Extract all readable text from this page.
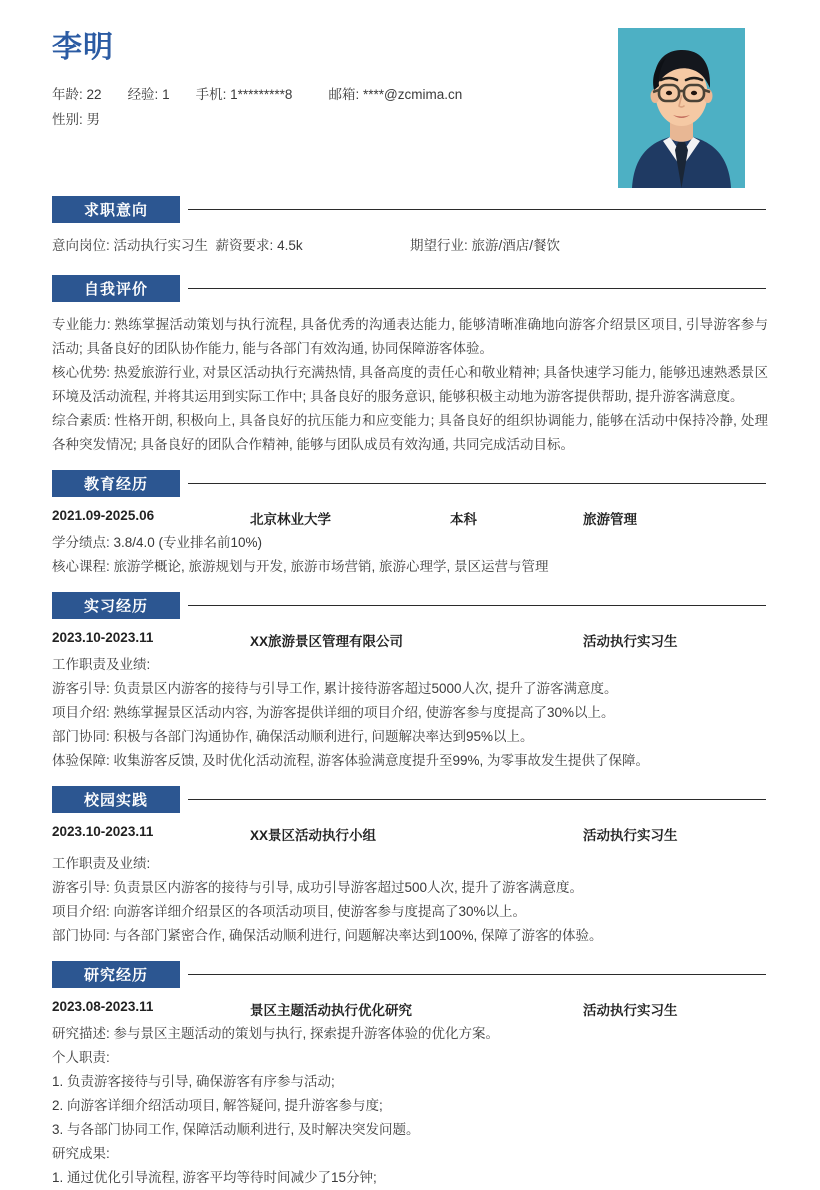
李明
年龄: 22 经验: 1 手机: 1*********8	邮箱: ****@zcmima.cn
性别: 男
求职意向
意向岗位: 活动执行实习生 薪资要求: 4.5k	期望行业: 旅游/酒店/餐饮
自我评价
专业能力: 熟练掌握活动策划与执行流程, 具备优秀的沟通表达能力, 能够清晰准确地向游客介绍景区项目, 引导游客参与活动; 具备良好的团队协作能力, 能与各部门有效沟通, 协同保障游客体验。
核心优势: 热爱旅游行业, 对景区活动执行充满热情, 具备高度的责任心和敬业精神; 具备快速学习能力, 能够迅速熟悉景区环境及活动流程, 并将其运用到实际工作中; 具备良好的服务意识, 能够积极主动地为游客提供帮助, 提升游客满意度。
综合素质: 性格开朗, 积极向上, 具备良好的抗压能力和应变能力; 具备良好的组织协调能力, 能够在活动中保持冷静, 处理各种突发情况; 具备良好的团队合作精神, 能够与团队成员有效沟通, 共同完成活动目标。
教育经历
2021.09-2025.06	北京林业大学	本科	旅游管理
学分绩点: 3.8/4.0 (专业排名前10%)
核心课程: 旅游学概论, 旅游规划与开发, 旅游市场营销, 旅游心理学, 景区运营与管理
实习经历
2023.10-2023.11	XX旅游景区管理有限公司	活动执行实习生
工作职责及业绩:
游客引导: 负责景区内游客的接待与引导工作, 累计接待游客超过5000人次, 提升了游客满意度。
项目介绍: 熟练掌握景区活动内容, 为游客提供详细的项目介绍, 使游客参与度提高了30%以上。
部门协同: 积极与各部门沟通协作, 确保活动顺利进行, 问题解决率达到95%以上。
体验保障: 收集游客反馈, 及时优化活动流程, 游客体验满意度提升至99%, 为零事故发生提供了保障。
校园实践
2023.10-2023.11	XX景区活动执行小组	活动执行实习生
工作职责及业绩:
游客引导: 负责景区内游客的接待与引导, 成功引导游客超过500人次, 提升了游客满意度。
项目介绍: 向游客详细介绍景区的各项活动项目, 使游客参与度提高了30%以上。
部门协同: 与各部门紧密合作, 确保活动顺利进行, 问题解决率达到100%, 保障了游客的体验。
研究经历
2023.08-2023.11	景区主题活动执行优化研究	活动执行实习生
研究描述: 参与景区主题活动的策划与执行, 探索提升游客体验的优化方案。
个人职责:
1. 负责游客接待与引导, 确保游客有序参与活动;
2. 向游客详细介绍活动项目, 解答疑问, 提升游客参与度;
3. 与各部门协同工作, 保障活动顺利进行, 及时解决突发问题。
研究成果:
1. 通过优化引导流程, 游客平均等待时间减少了15分钟;
